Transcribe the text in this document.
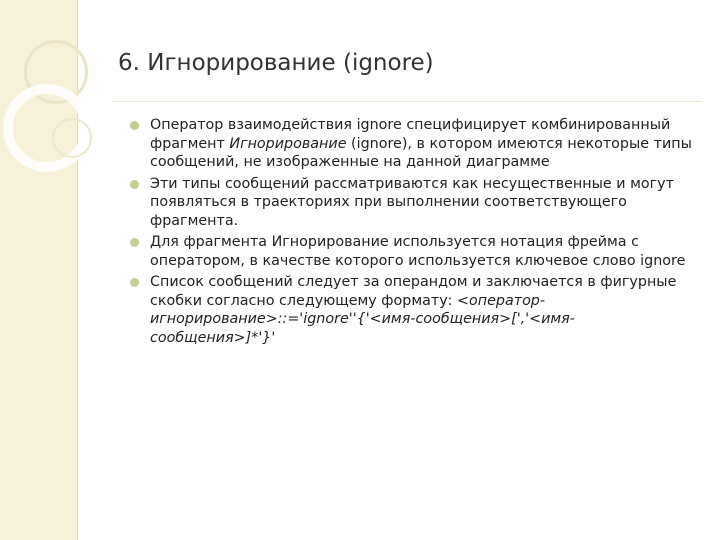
6. Игнорирование (ignore)
Оператор взаимодействия ignore специфицирует комбинированный фрагмент Игнорирование (ignore), в котором имеются некоторые типы сообщений, не изображенные на данной диаграмме
Эти типы сообщений рассматриваются как несущественные и могут появляться в траекториях при выполнении соответствующего фрагмента.
Для фрагмента Игнорирование используется нотация фрейма с оператором, в качестве которого используется ключевое слово ignore
Список сообщений следует за операндом и заключается в фигурные скобки согласно следующему формату: <оператор-игнорирование>::='ignore''{'<имя-сообщения>[','<имя-сообщения>]*'}'
